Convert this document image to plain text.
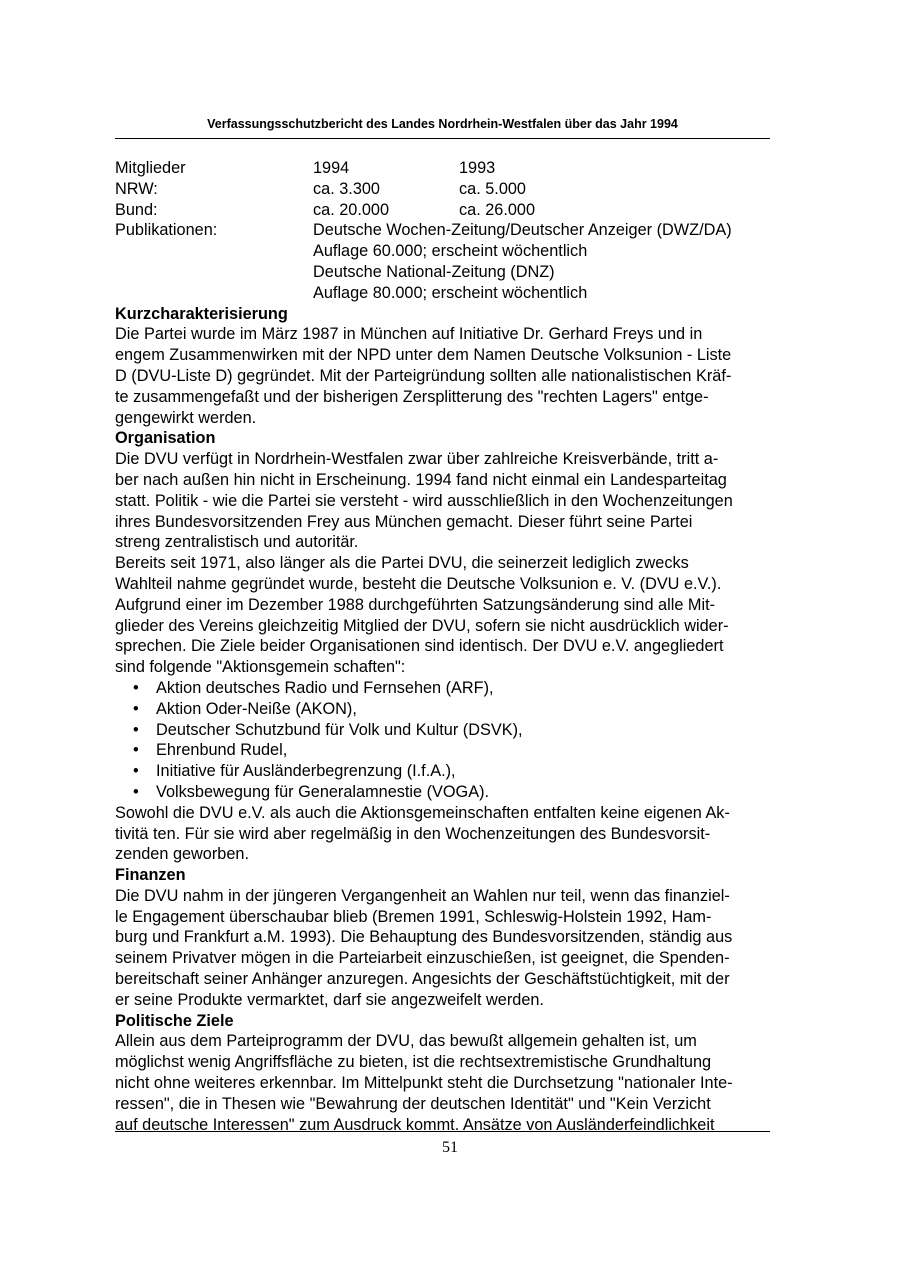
Verfassungsschutzbericht des Landes Nordrhein-Westfalen über das Jahr 1994
Mitglieder	1994	1993
NRW:	ca. 3.300	ca. 5.000
Bund:	ca. 20.000	ca. 26.000
Publikationen:	Deutsche Wochen-Zeitung/Deutscher Anzeiger (DWZ/DA)
Auflage 60.000; erscheint wöchentlich
Deutsche National-Zeitung (DNZ)
Auflage 80.000; erscheint wöchentlich
Kurzcharakterisierung
Die Partei wurde im März 1987 in München auf Initiative Dr. Gerhard Freys und in
engem Zusammenwirken mit der NPD unter dem Namen Deutsche Volksunion - Liste
D (DVU-Liste D) gegründet. Mit der Parteigründung sollten alle nationalistischen Kräf-
te zusammengefaßt und der bisherigen Zersplitterung des "rechten Lagers" entge-
gengewirkt werden.
Organisation
Die DVU verfügt in Nordrhein-Westfalen zwar über zahlreiche Kreisverbände, tritt a-
ber nach außen hin nicht in Erscheinung. 1994 fand nicht einmal ein Landesparteitag
statt. Politik - wie die Partei sie versteht - wird ausschließlich in den Wochenzeitungen
ihres Bundesvorsitzenden Frey aus München gemacht. Dieser führt seine Partei
streng zentralistisch und autoritär.
Bereits seit 1971, also länger als die Partei DVU, die seinerzeit lediglich zwecks
Wahlteil nahme gegründet wurde, besteht die Deutsche Volksunion e. V. (DVU e.V.).
Aufgrund einer im Dezember 1988 durchgeführten Satzungsänderung sind alle Mit-
glieder des Vereins gleichzeitig Mitglied der DVU, sofern sie nicht ausdrücklich wider-
sprechen. Die Ziele beider Organisationen sind identisch. Der DVU e.V. angegliedert
sind folgende "Aktionsgemein schaften":
• Aktion deutsches Radio und Fernsehen (ARF),
• Aktion Oder-Neiße (AKON),
• Deutscher Schutzbund für Volk und Kultur (DSVK),
• Ehrenbund Rudel,
• Initiative für Ausländerbegrenzung (I.f.A.),
• Volksbewegung für Generalamnestie (VOGA).
Sowohl die DVU e.V. als auch die Aktionsgemeinschaften entfalten keine eigenen Ak-
tivitä ten. Für sie wird aber regelmäßig in den Wochenzeitungen des Bundesvorsit-
zenden geworben.
Finanzen
Die DVU nahm in der jüngeren Vergangenheit an Wahlen nur teil, wenn das finanziel-
le Engagement überschaubar blieb (Bremen 1991, Schleswig-Holstein 1992, Ham-
burg und Frankfurt a.M. 1993). Die Behauptung des Bundesvorsitzenden, ständig aus
seinem Privatver mögen in die Parteiarbeit einzuschießen, ist geeignet, die Spenden-
bereitschaft seiner Anhänger anzuregen. Angesichts der Geschäftstüchtigkeit, mit der
er seine Produkte vermarktet, darf sie angezweifelt werden.
Politische Ziele
Allein aus dem Parteiprogramm der DVU, das bewußt allgemein gehalten ist, um
möglichst wenig Angriffsfläche zu bieten, ist die rechtsextremistische Grundhaltung
nicht ohne weiteres erkennbar. Im Mittelpunkt steht die Durchsetzung "nationaler Inte-
ressen", die in Thesen wie "Bewahrung der deutschen Identität" und "Kein Verzicht
auf deutsche Interessen" zum Ausdruck kommt. Ansätze von Ausländerfeindlichkeit
51
